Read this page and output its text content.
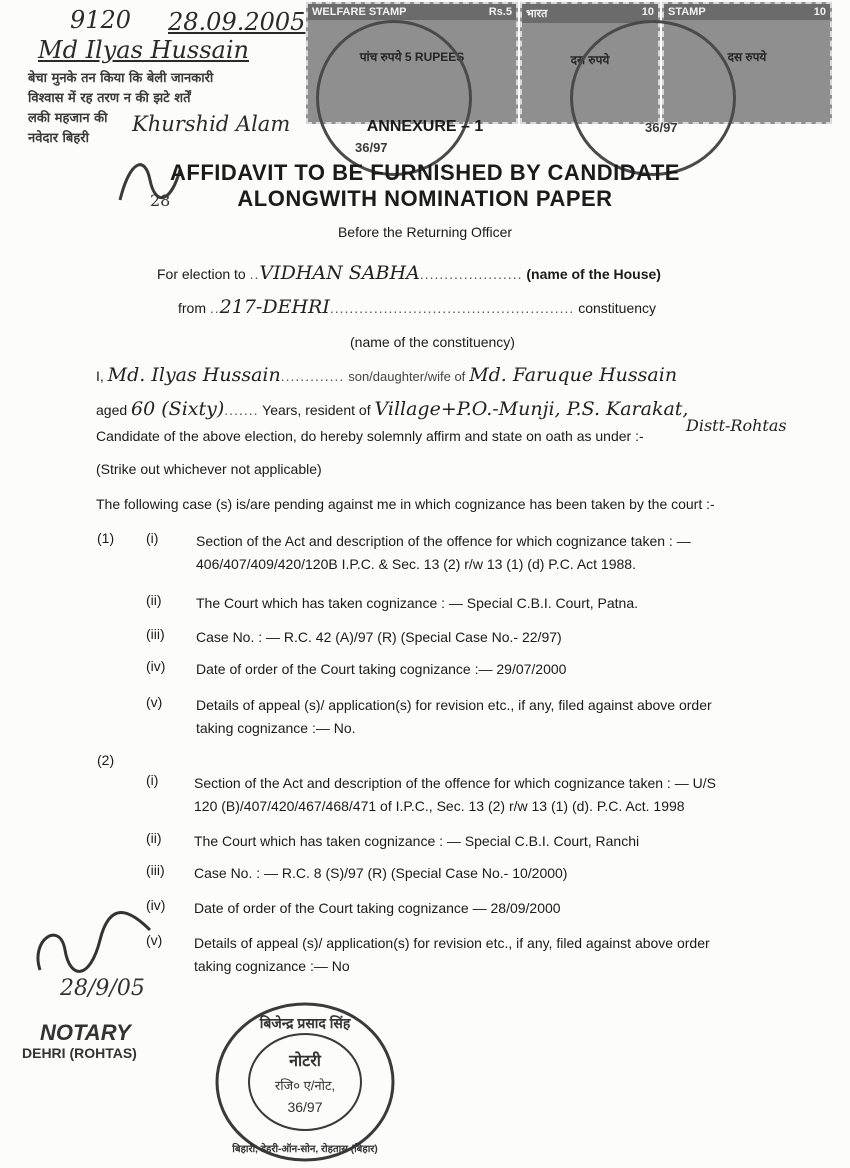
9120 28.09.2005
Md Ilyas Hussain
बेचा मुनके तन किया कि बेली जानकारी
विश्वास में रह तरण न की झटे शर्तें
लकी महजान की
नवेदार बिहरी
Khurshid Alam
28
WELFARE STAMP	Rs.5
पांच रुपये 5 RUPEES
भारत	10
दस रुपये
STAMP	10
दस रुपये
36/97
36/97
ANNEXURE – 1
AFFIDAVIT TO BE FURNISHED BY CANDIDATE
ALONGWITH NOMINATION PAPER
Before the Returning Officer
For election to ..VIDHAN SABHA..................... (name of the House)
from ..217-DEHRI.................................................. constituency
(name of the constituency)
I, Md. Ilyas Hussain............. son/daughter/wife of Md. Faruque Hussain
aged 60 (Sixty)....... Years, resident of Village+P.O.-Munji, P.S. Karakat,
Distt-Rohtas
Candidate of the above election, do hereby solemnly affirm and state on oath as under :-
(Strike out whichever not applicable)
The following case (s) is/are pending against me in which cognizance has been taken by the court :-
(1) (i)	Section of the Act and description of the offence for which cognizance taken : —
406/407/409/420/120B I.P.C. & Sec. 13 (2) r/w 13 (1) (d) P.C. Act 1988.
(ii) The Court which has taken cognizance : — Special C.B.I. Court, Patna.
(iii) Case No. : — R.C. 42 (A)/97 (R) (Special Case No.- 22/97)
(iv) Date of order of the Court taking cognizance :— 29/07/2000
(v) Details of appeal (s)/ application(s) for revision etc., if any, filed against above order
taking cognizance :— No.
(2)
(i)	Section of the Act and description of the offence for which cognizance taken : — U/S
120 (B)/407/420/467/468/471 of I.P.C., Sec. 13 (2) r/w 13 (1) (d). P.C. Act. 1998
(ii) The Court which has taken cognizance : — Special C.B.I. Court, Ranchi
(iii) Case No. : — R.C. 8 (S)/97 (R) (Special Case No.- 10/2000)
(iv) Date of order of the Court taking cognizance — 28/09/2000
(v) Details of appeal (s)/ application(s) for revision etc., if any, filed against above order
taking cognizance :— No
28/9/05
NOTARY
DEHRI (ROHTAS)
बिजेन्द्र प्रसाद सिंह
नोटरी
रजि० ए/नोट,
36/97
बिहारी, डेहरी-ऑन-सोन, रोहतास (बिहार)
